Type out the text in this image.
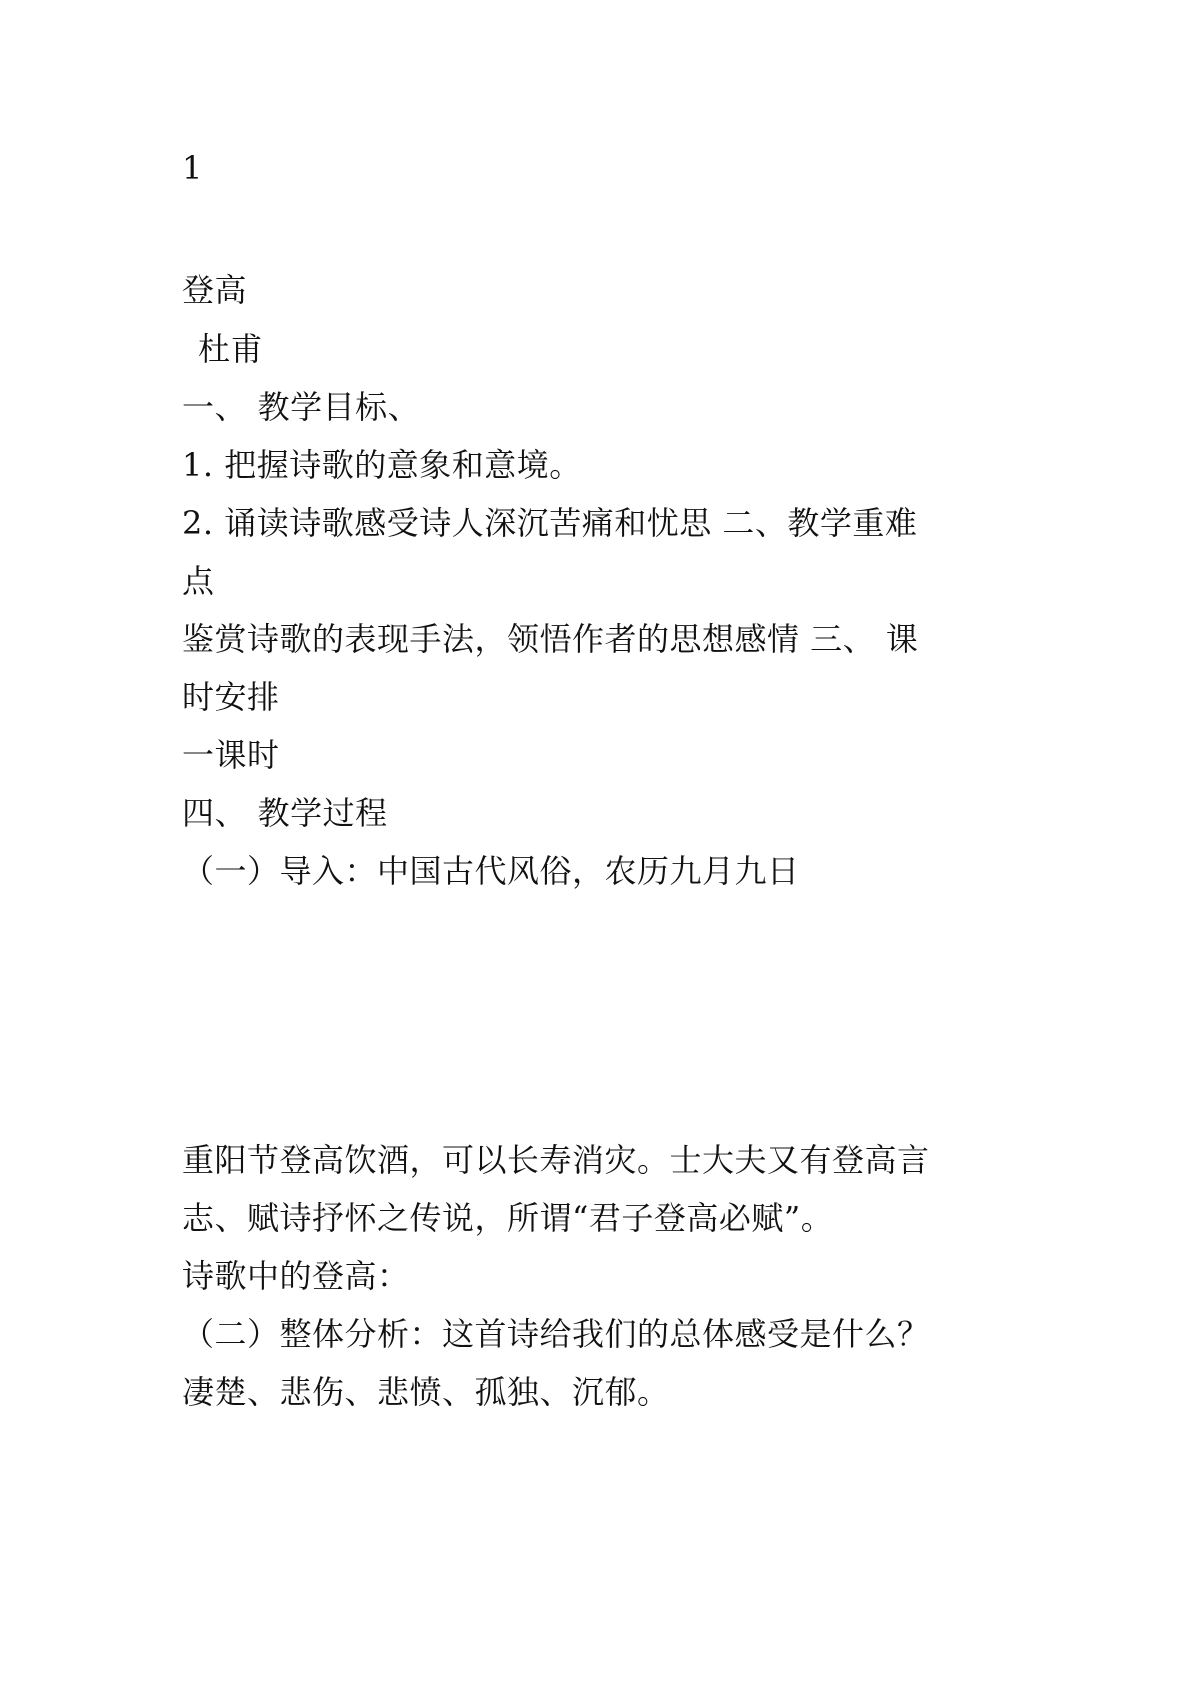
1

登高

杜甫

一、 教学目标、

1. 把握诗歌的意象和意境。

2. 诵读诗歌感受诗人深沉苦痛和忧思 二、教学重难

点

鉴赏诗歌的表现手法，领悟作者的思想感情 三、 课

时安排

一课时

四、 教学过程

（一）导入：中国古代风俗，农历九月九日

重阳节登高饮酒，可以长寿消灾。士大夫又有登高言

志、赋诗抒怀之传说，所谓“君子登高必赋”。

诗歌中的登高：

（二）整体分析：这首诗给我们的总体感受是什么？

凄楚、悲伤、悲愤、孤独、沉郁。
